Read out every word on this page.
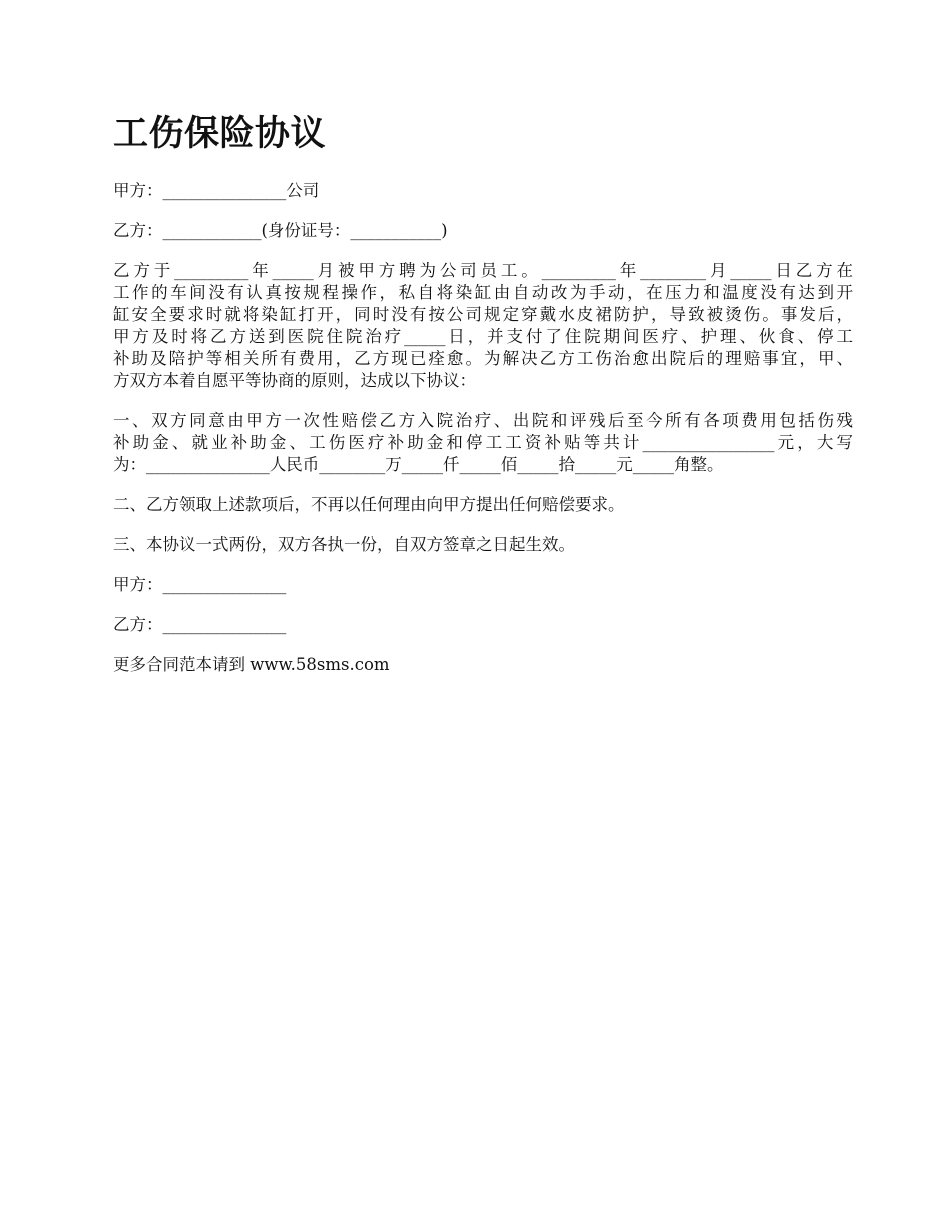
工伤保险协议

甲方：_______________公司

乙方：____________(身份证号：___________)

乙方于_________年_____月被甲方聘为公司员工。_________年________月_____日乙方在

工作的车间没有认真按规程操作，私自将染缸由自动改为手动，在压力和温度没有达到开

缸安全要求时就将染缸打开，同时没有按公司规定穿戴水皮裙防护，导致被烫伤。事发后，

甲方及时将乙方送到医院住院治疗_____日，并支付了住院期间医疗、护理、伙食、停工

补助及陪护等相关所有费用，乙方现已痊愈。为解决乙方工伤治愈出院后的理赔事宜，甲、

方双方本着自愿平等协商的原则，达成以下协议：

一、双方同意由甲方一次性赔偿乙方入院治疗、出院和评残后至今所有各项费用包括伤残

补助金、就业补助金、工伤医疗补助金和停工工资补贴等共计________________元，大写

为：_______________人民币________万_____仟_____佰_____拾_____元_____角整。

二、乙方领取上述款项后，不再以任何理由向甲方提出任何赔偿要求。

三、本协议一式两份，双方各执一份，自双方签章之日起生效。

甲方：_______________

乙方：_______________

更多合同范本请到 www.58sms.com
